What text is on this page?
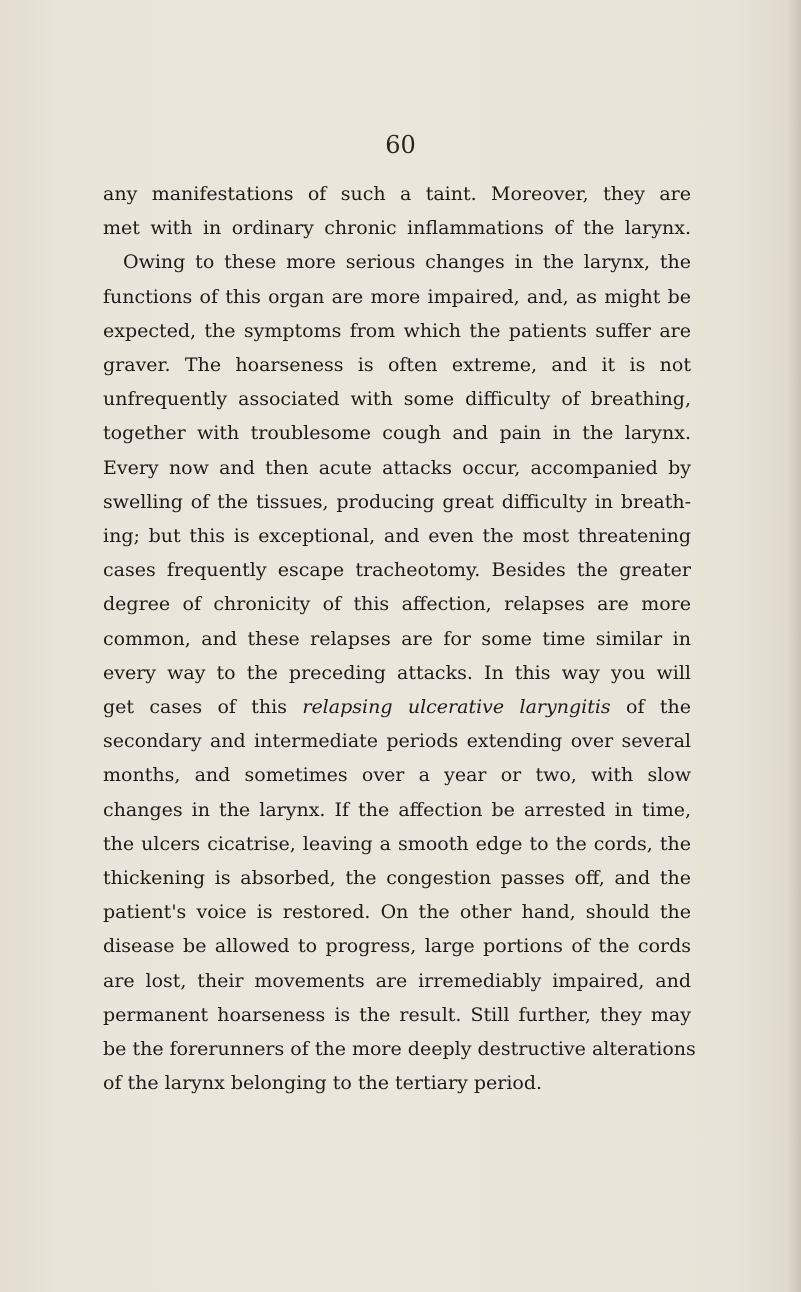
60

any manifestations of such a taint. Moreover, they are
met with in ordinary chronic inflammations of the larynx.
Owing to these more serious changes in the larynx, the
functions of this organ are more impaired, and, as might be
expected, the symptoms from which the patients suffer are
graver. The hoarseness is often extreme, and it is not
unfrequently associated with some difficulty of breathing,
together with troublesome cough and pain in the larynx.
Every now and then acute attacks occur, accompanied by
swelling of the tissues, producing great difficulty in breath-
ing; but this is exceptional, and even the most threatening
cases frequently escape tracheotomy. Besides the greater
degree of chronicity of this affection, relapses are more
common, and these relapses are for some time similar in
every way to the preceding attacks. In this way you will
get cases of this relapsing ulcerative laryngitis of the
secondary and intermediate periods extending over several
months, and sometimes over a year or two, with slow
changes in the larynx. If the affection be arrested in time,
the ulcers cicatrise, leaving a smooth edge to the cords, the
thickening is absorbed, the congestion passes off, and the
patient's voice is restored. On the other hand, should the
disease be allowed to progress, large portions of the cords
are lost, their movements are irremediably impaired, and
permanent hoarseness is the result. Still further, they may
be the forerunners of the more deeply destructive alterations
of the larynx belonging to the tertiary period.
